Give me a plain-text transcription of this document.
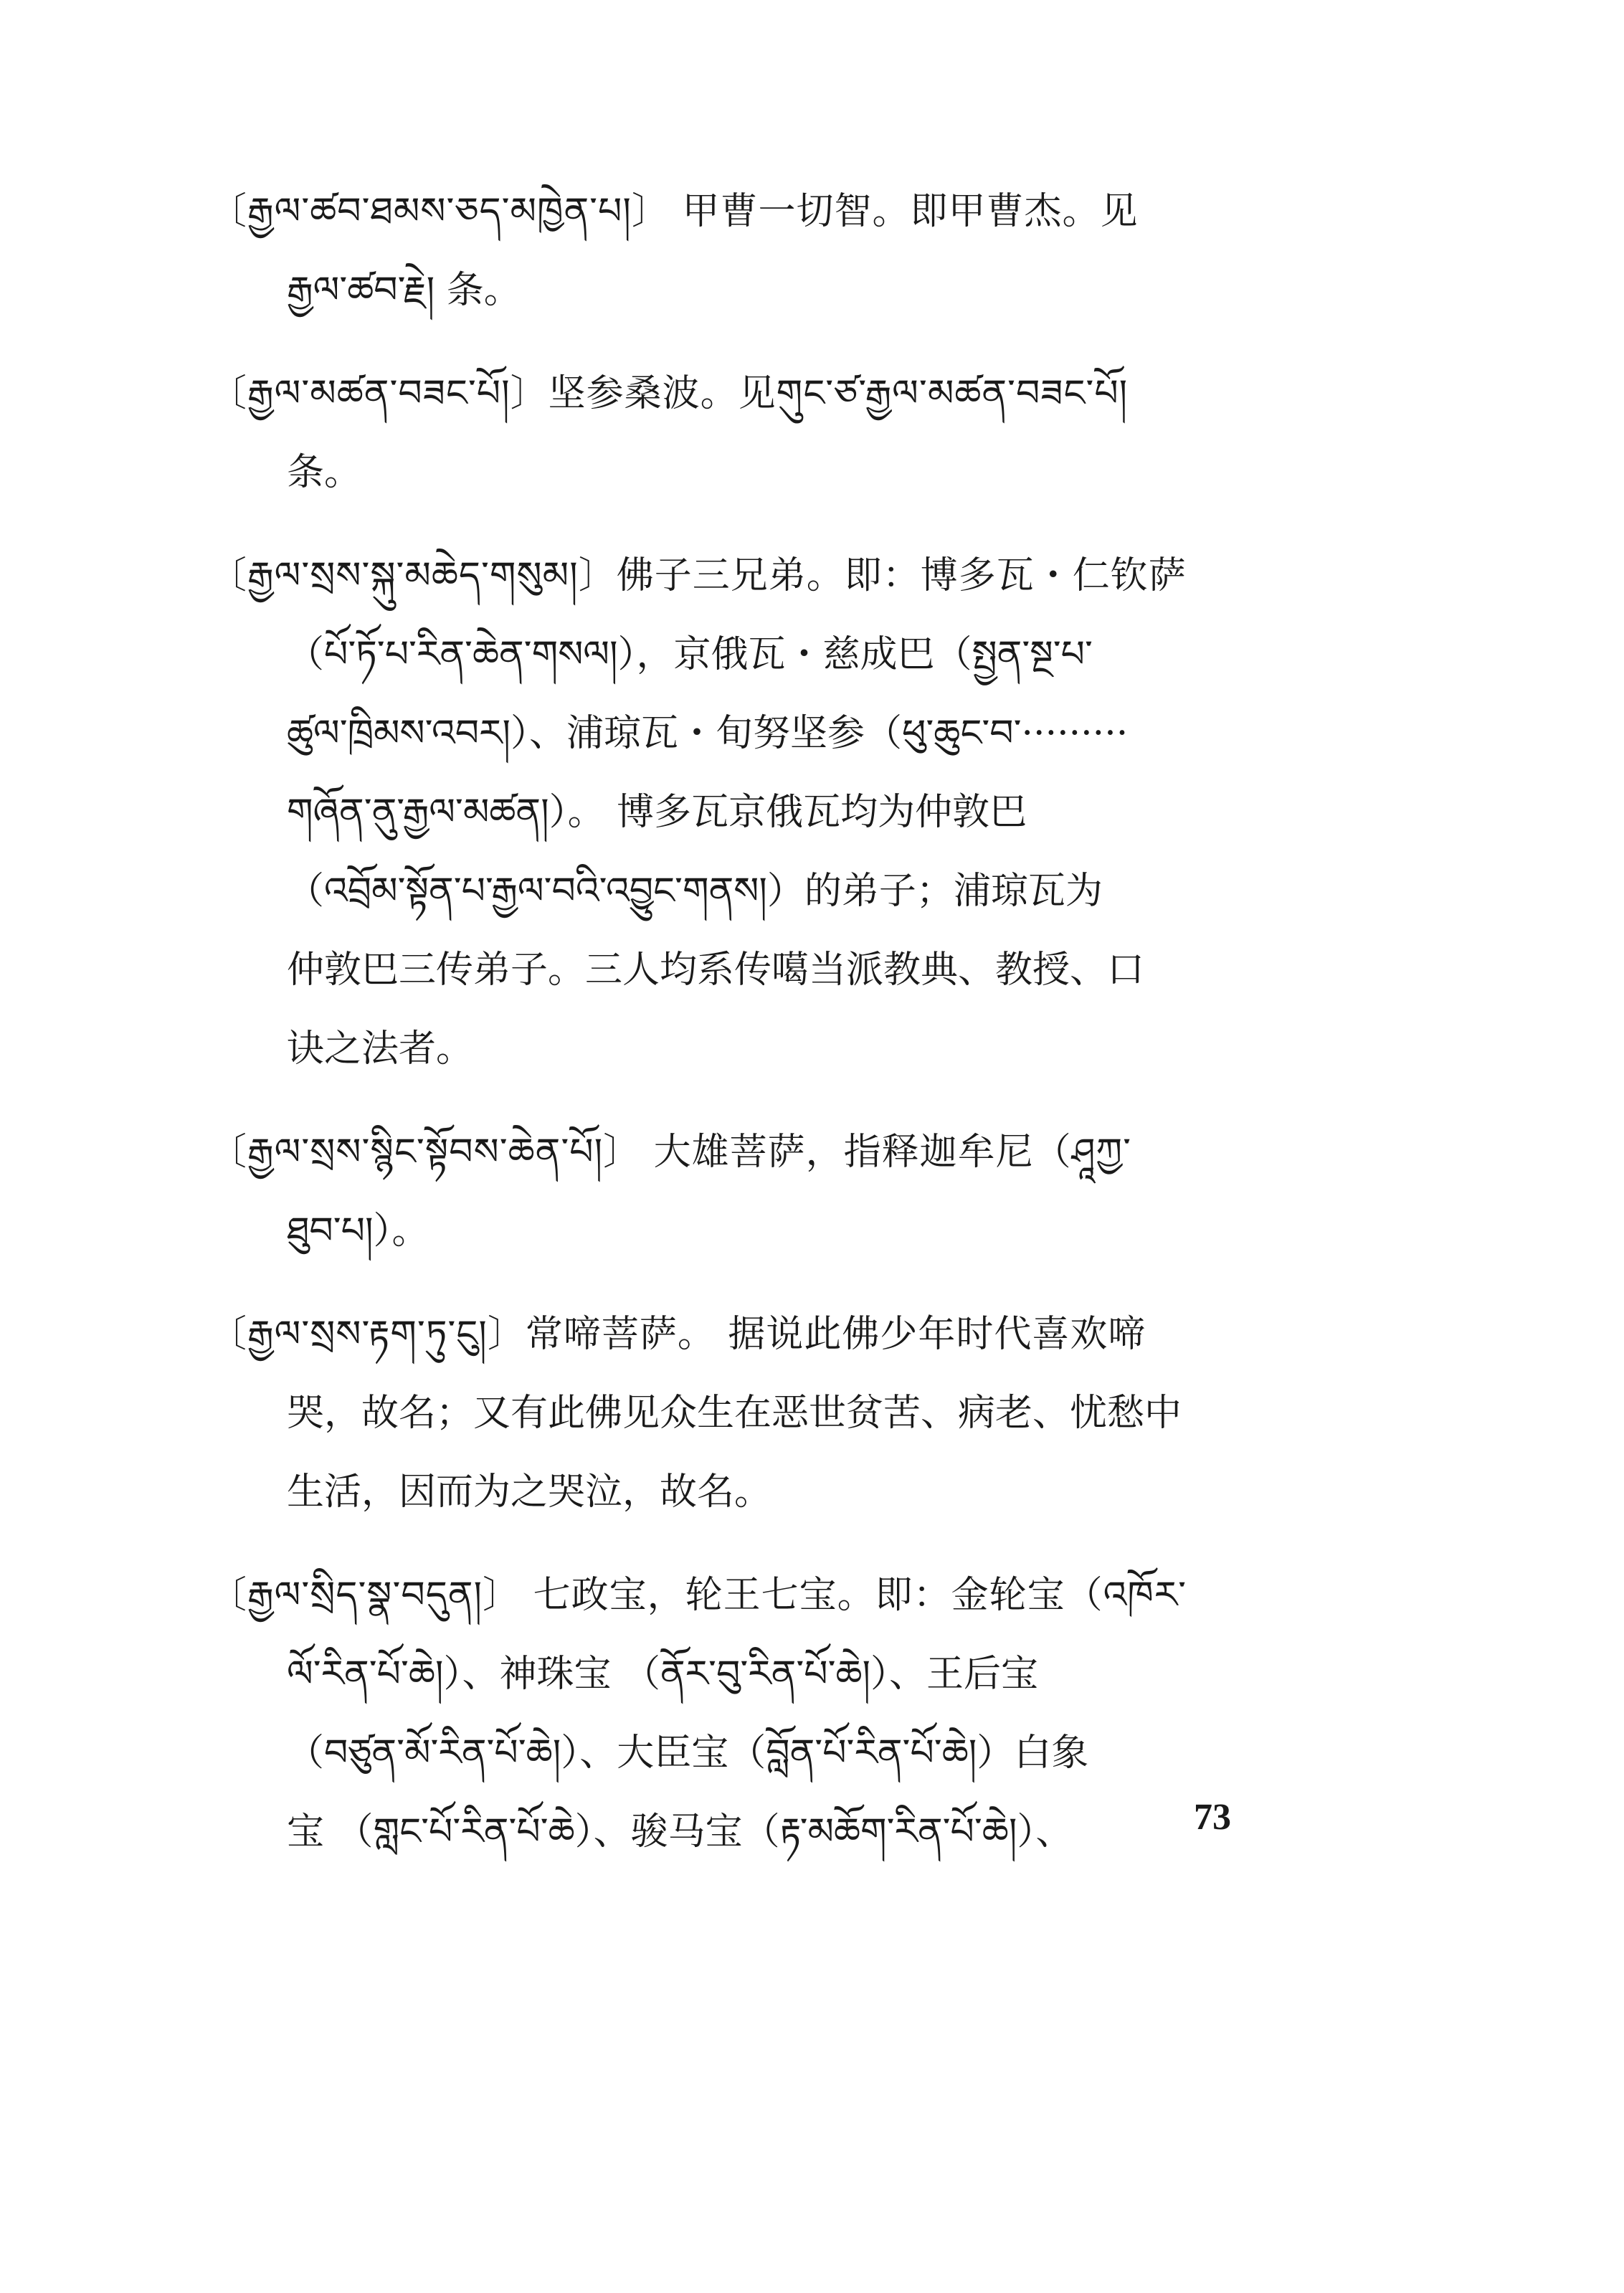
〔རྒྱལ་ཚབ་ཐམས་ཅད་མཁྱེན་པ།〕 甲曹一切智。即甲曹杰。见
རྒྱལ་ཚབ་རྗེ། 条。
〔རྒྱལ་མཚན་བཟང་པོ།〕坚参桑波。见གུང་ཙ་རྒྱལ་མཚན་བཟང་པོ།
条。
〔རྒྱལ་སྲས་སྐུ་མཆེད་གསུམ།〕佛子三兄弟。即：博多瓦・仁钦萨
（པོ་ཏོ་པ་རིན་ཆེན་གསལ།），京俄瓦・慈成巴（སྤྱན་སྔ་པ་
ཚུལ་ཁྲིམས་འབར།）、浦琼瓦・旬努坚参（ཕུ་ཆུང་བ་·········
གཞོན་ནུ་རྒྱལ་མཚན།）。 博多瓦京俄瓦均为仲敦巴
（འབྲོམ་སྟོན་པ་རྒྱལ་བའི་འབྱུང་གནས།）的弟子；浦琼瓦为
仲敦巴三传弟子。三人均系传噶当派教典、教授、口
诀之法者。
〔རྒྱལ་སྲས་སྙིང་སྟོབས་ཆེན་པོ།〕 大雄菩萨，指释迦牟尼（ཤཱཀྱ་
ཐུབ་པ།）。
〔རྒྱལ་སྲས་རྟག་ཏུ་ངུ།〕常啼菩萨。 据说此佛少年时代喜欢啼
哭，故名；又有此佛见众生在恶世贫苦、病老、忧愁中
生活，因而为之哭泣，故名。
〔རྒྱལ་སྲིད་སྣ་བདུན།〕 七政宝，轮王七宝。即：金轮宝（འཁོར་
ལོ་རིན་པོ་ཆེ།）、神珠宝 （ནོར་བུ་རིན་པོ་ཆེ།）、王后宝
（བཙུན་མོ་རིན་པོ་ཆེ།）、大臣宝（བློན་པོ་རིན་པོ་ཆེ།）白象
宝 （གླང་པོ་རིན་པོ་ཆེ）、骏马宝（རྟ་མཆོག་རིན་པོ་ཆེ།）、	73
